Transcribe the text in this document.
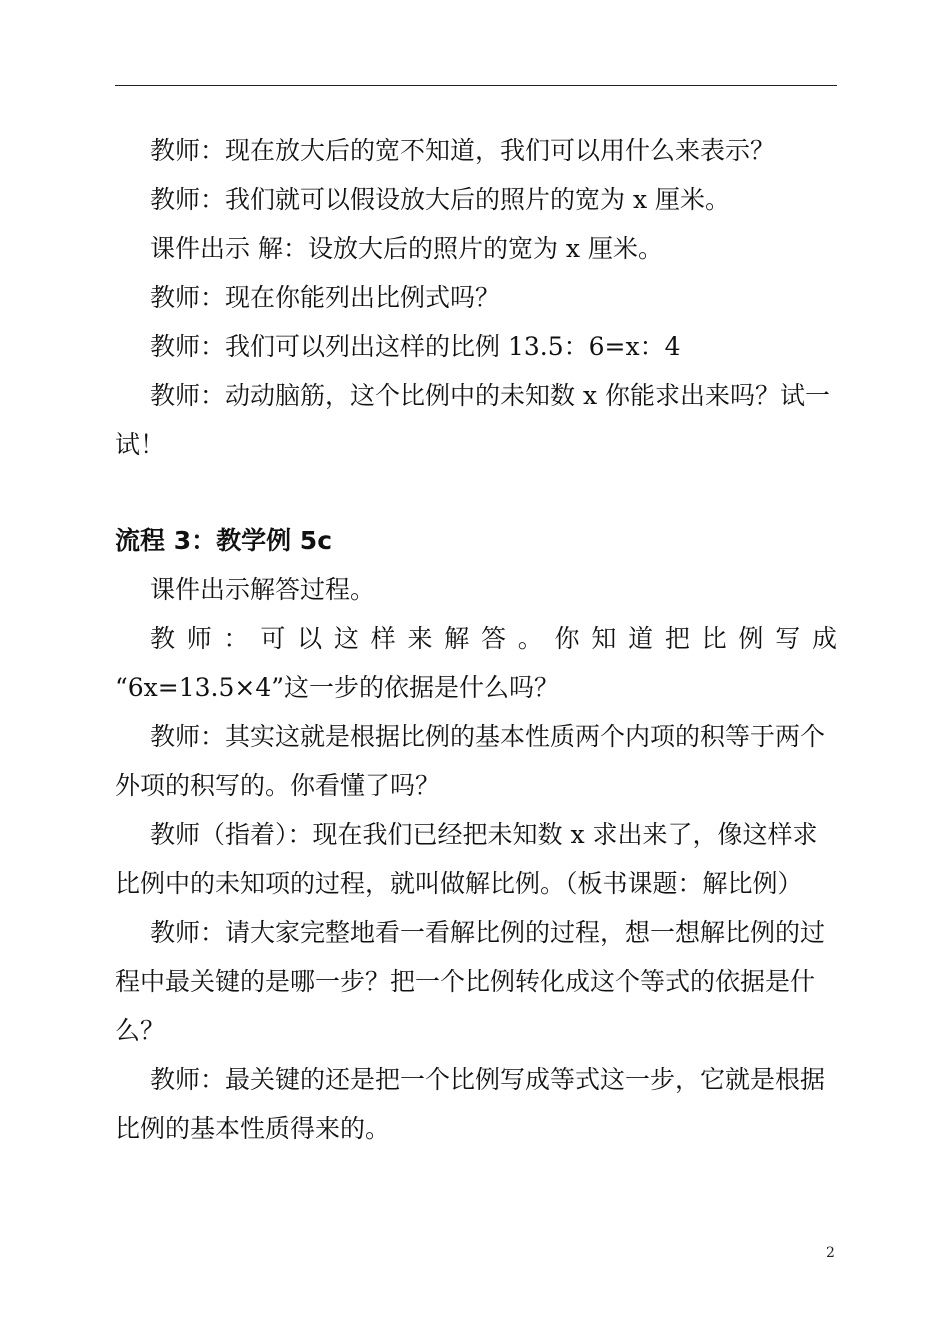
教师：现在放大后的宽不知道，我们可以用什么来表示？

教师：我们就可以假设放大后的照片的宽为 x 厘米。

课件出示 解：设放大后的照片的宽为 x 厘米。

教师：现在你能列出比例式吗？

教师：我们可以列出这样的比例 13.5：6=x：4

教师：动动脑筋，这个比例中的未知数 x 你能求出来吗？试一试！

流程 3：教学例 5c

课件出示解答过程。

教师：可以这样来解答。你知道把比例写成

“6x=13.5×4”这一步的依据是什么吗？

教师：其实这就是根据比例的基本性质两个内项的积等于两个外项的积写的。你看懂了吗？

教师（指着）：现在我们已经把未知数 x 求出来了，像这样求比例中的未知项的过程，就叫做解比例。（板书课题：解比例）

教师：请大家完整地看一看解比例的过程，想一想解比例的过程中最关键的是哪一步？把一个比例转化成这个等式的依据是什么？

教师：最关键的还是把一个比例写成等式这一步，它就是根据比例的基本性质得来的。

2
